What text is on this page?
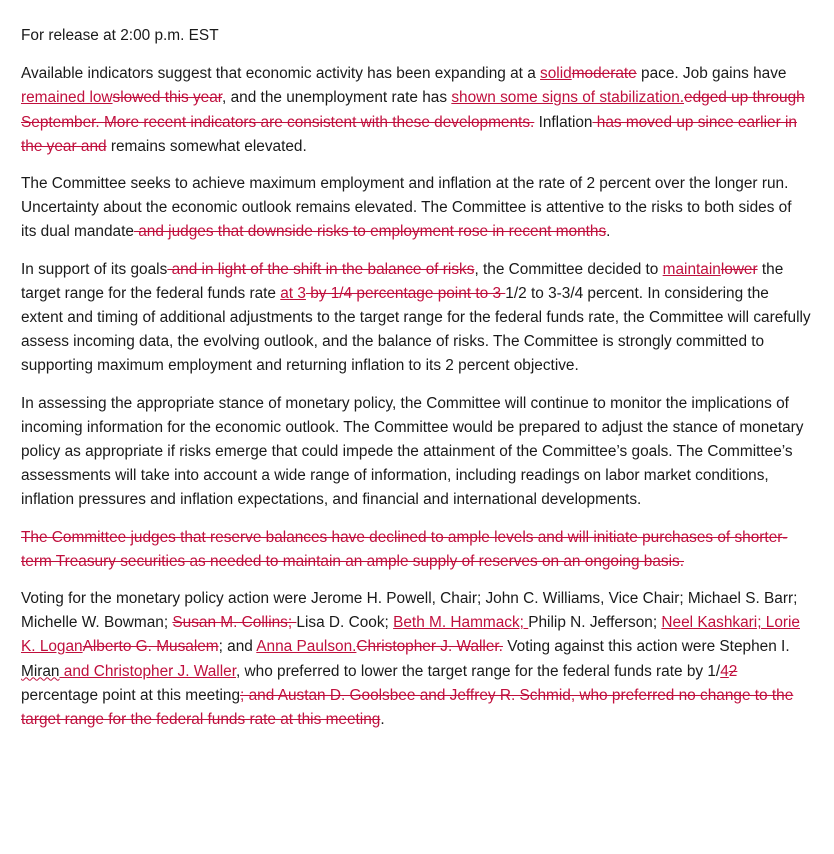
For release at 2:00 p.m. EST

Available indicators suggest that economic activity has been expanding at a solidmoderate pace. Job gains have remained lowslowed this year, and the unemployment rate has shown some signs of stabilization.edged up through September. More recent indicators are consistent with these developments. Inflation has moved up since earlier in the year and remains somewhat elevated.

The Committee seeks to achieve maximum employment and inflation at the rate of 2 percent over the longer run. Uncertainty about the economic outlook remains elevated. The Committee is attentive to the risks to both sides of its dual mandate and judges that downside risks to employment rose in recent months.

In support of its goals and in light of the shift in the balance of risks, the Committee decided to maintainlower the target range for the federal funds rate at 3 by 1/4 percentage point to 3 1/2 to 3-3/4 percent. In considering the extent and timing of additional adjustments to the target range for the federal funds rate, the Committee will carefully assess incoming data, the evolving outlook, and the balance of risks. The Committee is strongly committed to supporting maximum employment and returning inflation to its 2 percent objective.

In assessing the appropriate stance of monetary policy, the Committee will continue to monitor the implications of incoming information for the economic outlook. The Committee would be prepared to adjust the stance of monetary policy as appropriate if risks emerge that could impede the attainment of the Committee’s goals. The Committee’s assessments will take into account a wide range of information, including readings on labor market conditions, inflation pressures and inflation expectations, and financial and international developments.

The Committee judges that reserve balances have declined to ample levels and will initiate purchases of shorter-term Treasury securities as needed to maintain an ample supply of reserves on an ongoing basis.

Voting for the monetary policy action were Jerome H. Powell, Chair; John C. Williams, Vice Chair; Michael S. Barr; Michelle W. Bowman; Susan M. Collins; Lisa D. Cook; Beth M. Hammack; Philip N. Jefferson; Neel Kashkari; Lorie K. LoganAlberto G. Musalem; and Anna Paulson.Christopher J. Waller. Voting against this action were Stephen I. Miran and Christopher J. Waller, who preferred to lower the target range for the federal funds rate by 1/42 percentage point at this meeting; and Austan D. Goolsbee and Jeffrey R. Schmid, who preferred no change to the target range for the federal funds rate at this meeting.
